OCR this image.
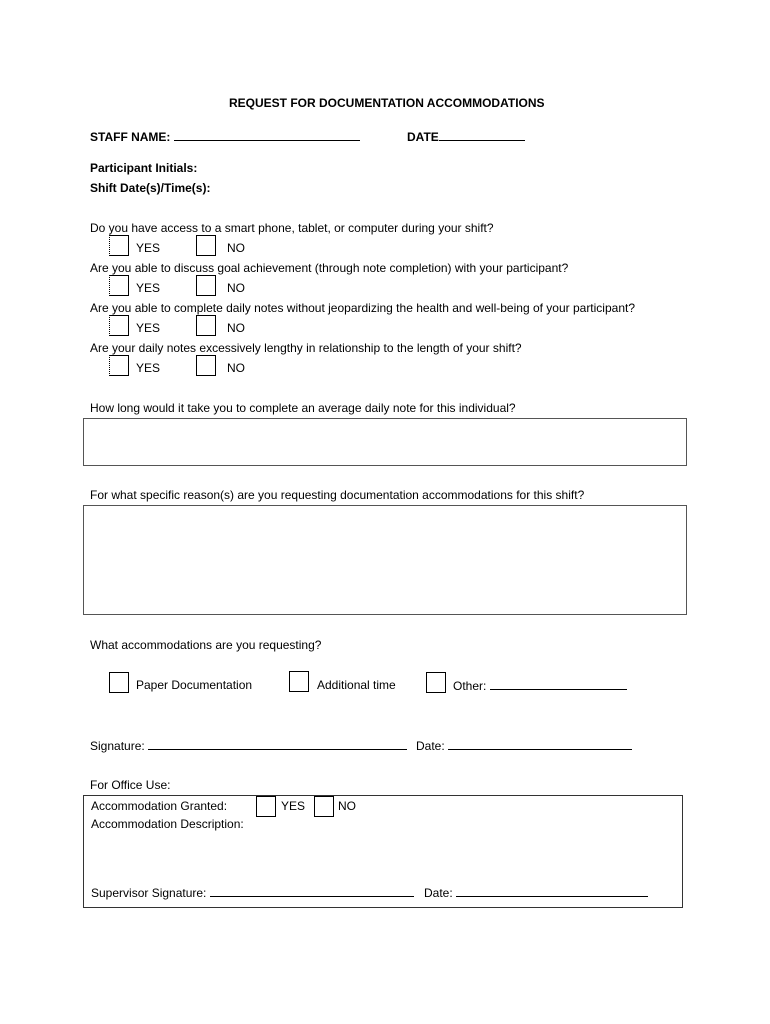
REQUEST FOR DOCUMENTATION ACCOMMODATIONS
STAFF NAME:	DATE
Participant Initials:
Shift Date(s)/Time(s):
Do you have access to a smart phone, tablet, or computer during your shift?
YES	NO
Are you able to discuss goal achievement (through note completion) with your participant?
YES	NO
Are you able to complete daily notes without jeopardizing the health and well-being of your participant?
YES	NO
Are your daily notes excessively lengthy in relationship to the length of your shift?
YES	NO
How long would it take you to complete an average daily note for this individual?
For what specific reason(s) are you requesting documentation accommodations for this shift?
What accommodations are you requesting?
Paper Documentation	Additional time	Other:
Signature:	Date:
For Office Use:
Accommodation Granted:	YES	NO
Accommodation Description:
Supervisor Signature:	Date:
